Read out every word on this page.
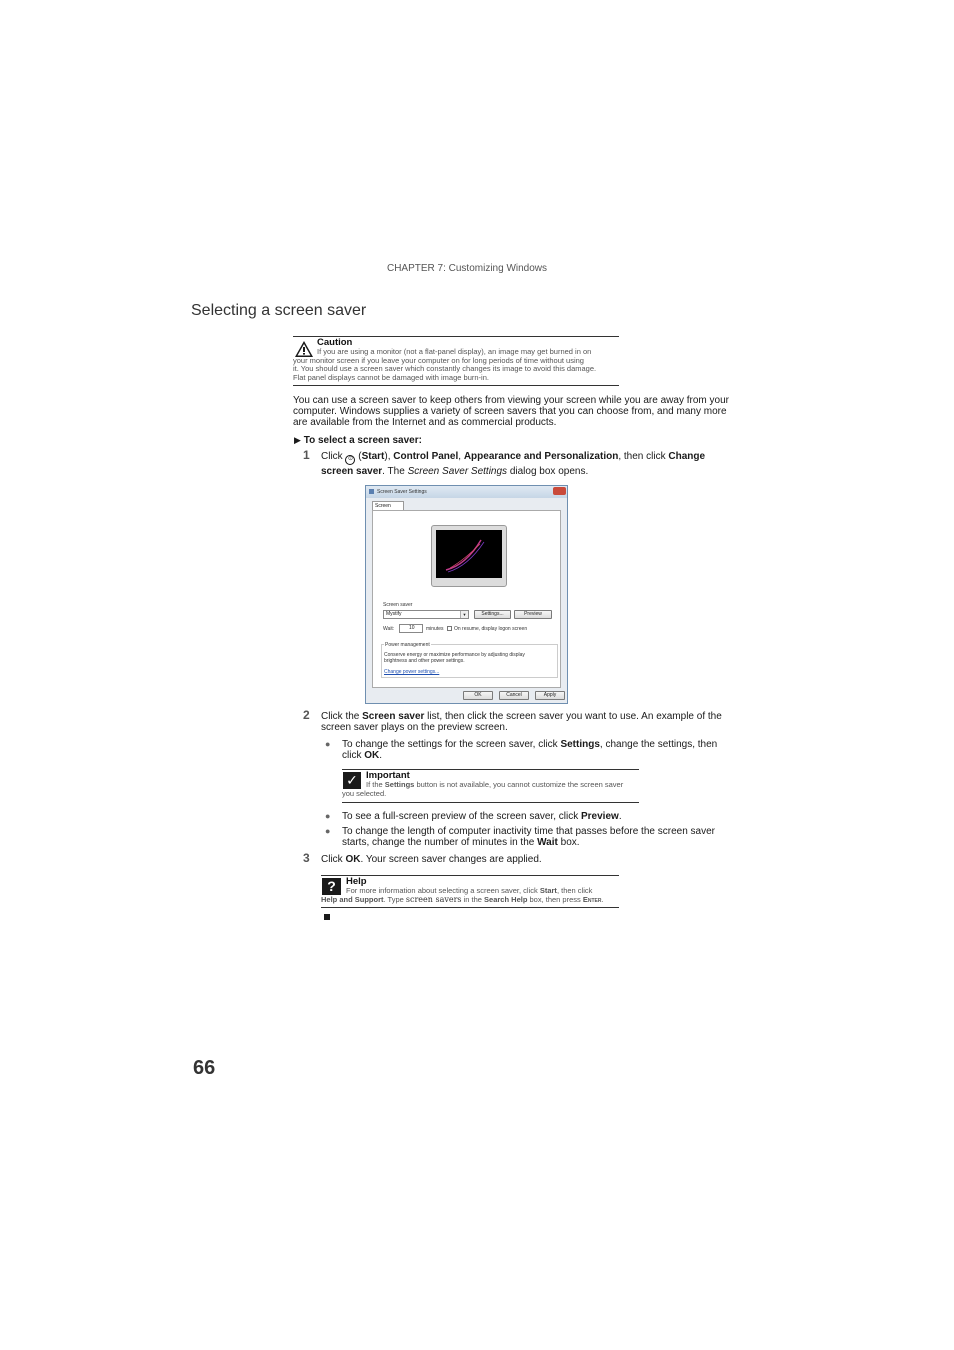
CHAPTER 7: Customizing Windows
Selecting a screen saver
Caution
If you are using a monitor (not a flat-panel display), an image may get burned in on
your monitor screen if you leave your computer on for long periods of time without using
it. You should use a screen saver which constantly changes its image to avoid this damage.
Flat panel displays cannot be damaged with image burn-in.
You can use a screen saver to keep others from viewing your screen while you are away from your
computer. Windows supplies a variety of screen savers that you can choose from, and many more
are available from the Internet and as commercial products.
▶ To select a screen saver:
1 Click ⊙ (Start), Control Panel, Appearance and Personalization, then click Change
screen saver. The Screen Saver Settings dialog box opens.
Screen Saver Settings
Screen
Screen saver
Mystify	▼	Settings...	Preview
Wait:	10 minutes On resume, display logon screen
Power management
Conserve energy or maximize performance by adjusting display
brightness and other power settings.
Change power settings...
OK	Cancel	Apply
2 Click the Screen saver list, then click the screen saver you want to use. An example of the
screen saver plays on the preview screen.
● To change the settings for the screen saver, click Settings, change the settings, then
click OK.
✓ Important
If the Settings button is not available, you cannot customize the screen saver
you selected.
● To see a full-screen preview of the screen saver, click Preview.
● To change the length of computer inactivity time that passes before the screen saver
starts, change the number of minutes in the Wait box.
3 Click OK. Your screen saver changes are applied.
?	Help
For more information about selecting a screen saver, click Start, then click
Help and Support. Type screen savers in the Search Help box, then press Enter.
66
